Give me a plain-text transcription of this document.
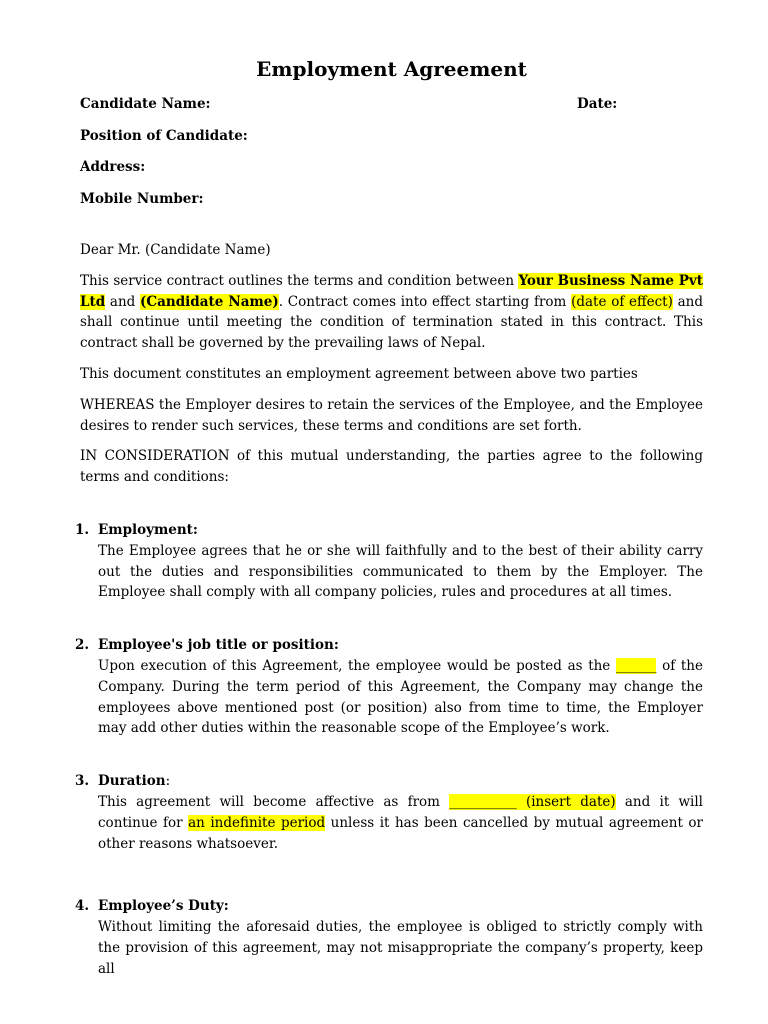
Employment Agreement
Candidate Name:	Date:
Position of Candidate:
Address:
Mobile Number:

Dear Mr. (Candidate Name)

This service contract outlines the terms and condition between Your Business Name Pvt Ltd and (Candidate Name). Contract comes into effect starting from (date of effect) and shall continue until meeting the condition of termination stated in this contract. This contract shall be governed by the prevailing laws of Nepal.

This document constitutes an employment agreement between above two parties

WHEREAS the Employer desires to retain the services of the Employee, and the Employee desires to render such services, these terms and conditions are set forth.

IN CONSIDERATION of this mutual understanding, the parties agree to the following terms and conditions:

1. Employment:
The Employee agrees that he or she will faithfully and to the best of their ability carry out the duties and responsibilities communicated to them by the Employer. The Employee shall comply with all company policies, rules and procedures at all times.
2. Employee's job title or position:
Upon execution of this Agreement, the employee would be posted as the ______ of the Company. During the term period of this Agreement, the Company may change the employees above mentioned post (or position) also from time to time, the Employer may add other duties within the reasonable scope of the Employee’s work.
3. Duration:
This agreement will become affective as from __________ (insert date) and it will continue for an indefinite period unless it has been cancelled by mutual agreement or other reasons whatsoever.
4. Employee’s Duty:
Without limiting the aforesaid duties, the employee is obliged to strictly comply with the provision of this agreement, may not misappropriate the company’s property, keep all
